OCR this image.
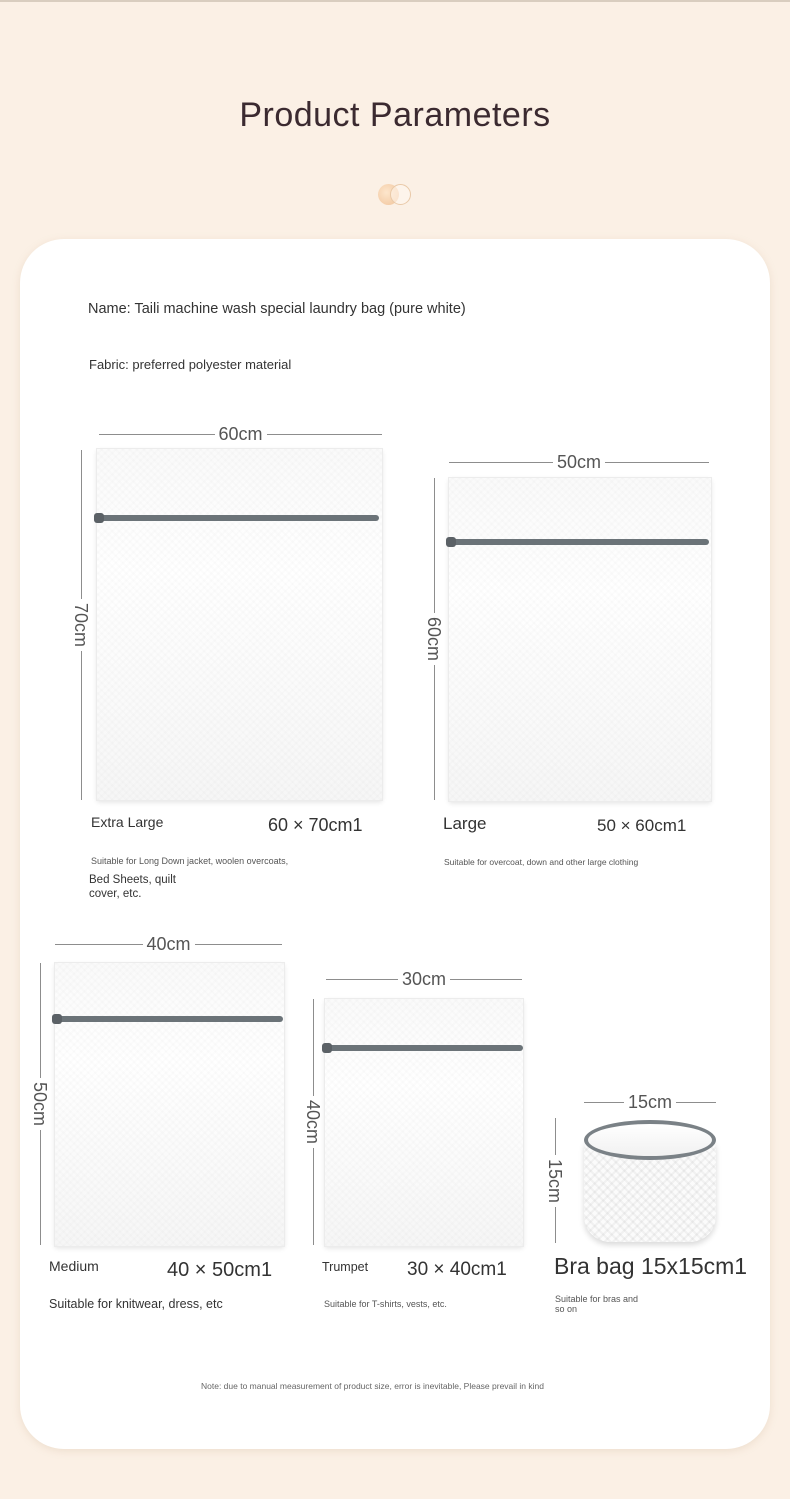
Product Parameters
Name: Taili machine wash special laundry bag (pure white)
Fabric: preferred polyester material
60cm
70cm
Extra Large	60 × 70cm1
Suitable for Long Down jacket, woolen overcoats,
Bed Sheets, quilt
cover, etc.
50cm
60cm
Large	50 × 60cm1
Suitable for overcoat, down and other large clothing
40cm
50cm
Medium	40 × 50cm1
Suitable for knitwear, dress, etc
30cm
40cm
Trumpet 30 × 40cm1
Suitable for T-shirts, vests, etc.
15cm
15cm
Bra bag 15x15cm1
Suitable for bras and
so on
Note: due to manual measurement of product size, error is inevitable, Please prevail in kind
